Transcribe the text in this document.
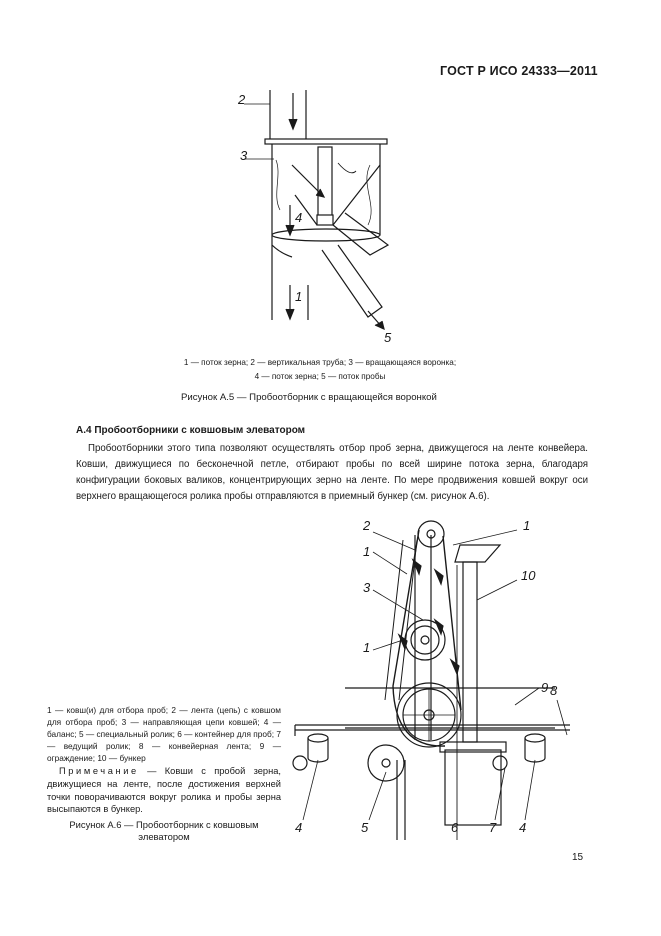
ГОСТ Р ИСО 24333—2011
2
3
4
1
5
1 — поток зерна; 2 — вертикальная труба; 3 — вращающаяся воронка;
4 — поток зерна; 5 — поток пробы
Рисунок А.5 — Пробоотборник с вращающейся воронкой
А.4 Пробоотборники с ковшовым элеватором
Пробоотборники этого типа позволяют осуществлять отбор проб зерна, движущегося на ленте конвейера. Ковши, движущиеся по бесконечной петле, отбирают пробы по всей ширине потока зерна, благодаря конфигурации боковых валиков, концентрирующих зерно на ленте. По мере продвижения ковшей вокруг оси верхнего вращающегося ролика пробы отправляются в приемный бункер (см. рисунок А.6).
2	1
1
10
3
1
9
4	5	6 7 4
8
1 — ковш(и) для отбора проб; 2 — лента (цепь) с ковшом для отбора проб; 3 — направляющая цепи ковшей; 4 — баланс; 5 — специальный ролик; 6 — контейнер для проб; 7 — ведущий ролик; 8 — конвейерная лента; 9 — ограждение; 10 — бункер
Примечание — Ковши с пробой зерна, движущиеся на ленте, после достижения верхней точки поворачиваются вокруг ролика и пробы зерна высыпаются в бункер.
Рисунок А.6 — Пробоотборник с ковшовым элеватором
15
